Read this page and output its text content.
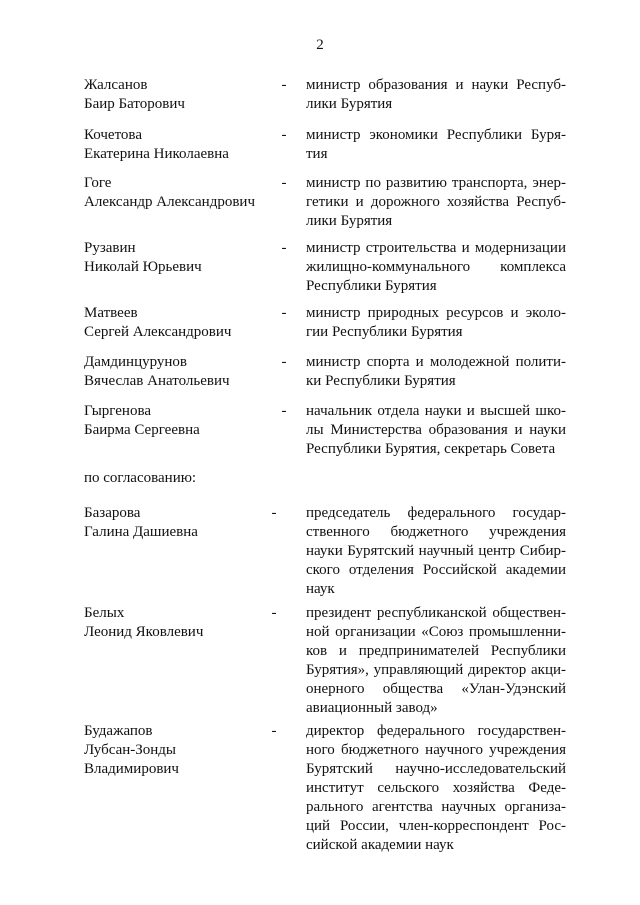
2
Жалсанов
Баир Баторович
- министр образования и науки Респуб-
лики Бурятия
Кочетова
Екатерина Николаевна
- министр экономики Республики Буря-
тия
Гоге
Александр Александрович
- министр по развитию транспорта, энер-
гетики и дорожного хозяйства Респуб-
лики Бурятия
Рузавин
Николай Юрьевич
- министр строительства и модернизации
жилищно-коммунального комплекса
Республики Бурятия
Матвеев
Сергей Александрович
- министр природных ресурсов и эколо-
гии Республики Бурятия
Дамдинцурунов
Вячеслав Анатольевич
- министр спорта и молодежной полити-
ки Республики Бурятия
Гыргенова
Баирма Сергеевна
- начальник отдела науки и высшей шко-
лы Министерства образования и науки
Республики Бурятия, секретарь Совета
по согласованию:
Базарова
Галина Дашиевна
- председатель федерального государ-
ственного бюджетного учреждения
науки Бурятский научный центр Сибир-
ского отделения Российской академии
наук
Белых
Леонид Яковлевич
- президент республиканской обществен-
ной организации «Союз промышленни-
ков и предпринимателей Республики
Бурятия», управляющий директор акци-
онерного общества «Улан-Удэнский
авиационный завод»
Будажапов
Лубсан-Зонды
Владимирович
- директор федерального государствен-
ного бюджетного научного учреждения
Бурятский научно-исследовательский
институт сельского хозяйства Феде-
рального агентства научных организа-
ций России, член-корреспондент Рос-
сийской академии наук
